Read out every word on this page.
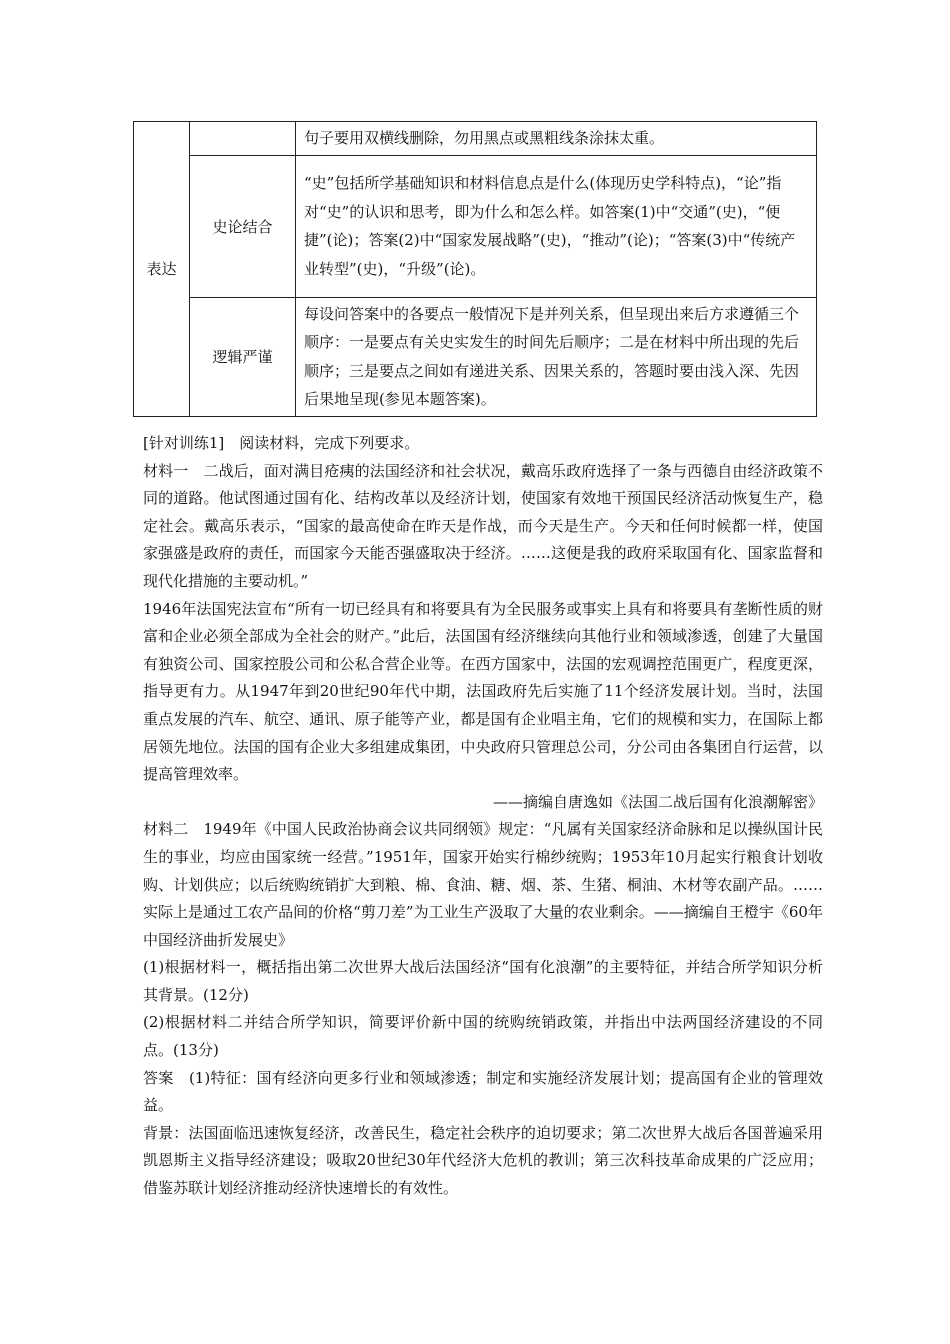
表达		句子要用双横线删除，勿用黑点或黑粗线条涂抹太重。
	史论结合	“史”包括所学基础知识和材料信息点是什么(体现历史学科特点)，“论”指对“史”的认识和思考，即为什么和怎么样。如答案(1)中“交通”(史)，“便捷”(论)；答案(2)中“国家发展战略”(史)，“推动”(论)；“答案(3)中“传统产业转型”(史)，“升级”(论)。
	逻辑严谨	每设问答案中的各要点一般情况下是并列关系，但呈现出来后方求遵循三个顺序：一是要点有关史实发生的时间先后顺序；二是在材料中所出现的先后顺序；三是要点之间如有递进关系、因果关系的，答题时要由浅入深、先因后果地呈现(参见本题答案)。

[针对训练1]　阅读材料，完成下列要求。

材料一　二战后，面对满目疮痍的法国经济和社会状况，戴高乐政府选择了一条与西德自由经济政策不同的道路。他试图通过国有化、结构改革以及经济计划，使国家有效地干预国民经济活动恢复生产，稳定社会。戴高乐表示，“国家的最高使命在昨天是作战，而今天是生产。今天和任何时候都一样，使国家强盛是政府的责任，而国家今天能否强盛取决于经济。……这便是我的政府采取国有化、国家监督和现代化措施的主要动机。”

1946年法国宪法宣布“所有一切已经具有和将要具有为全民服务或事实上具有和将要具有垄断性质的财富和企业必须全部成为全社会的财产。”此后，法国国有经济继续向其他行业和领域渗透，创建了大量国有独资公司、国家控股公司和公私合营企业等。在西方国家中，法国的宏观调控范围更广，程度更深，指导更有力。从1947年到20世纪90年代中期，法国政府先后实施了11个经济发展计划。当时，法国重点发展的汽车、航空、通讯、原子能等产业，都是国有企业唱主角，它们的规模和实力，在国际上都居领先地位。法国的国有企业大多组建成集团，中央政府只管理总公司，分公司由各集团自行运营，以提高管理效率。

——摘编自唐逸如《法国二战后国有化浪潮解密》

材料二　1949年《中国人民政治协商会议共同纲领》规定：“凡属有关国家经济命脉和足以操纵国计民生的事业，均应由国家统一经营。”1951年，国家开始实行棉纱统购；1953年10月起实行粮食计划收购、计划供应；以后统购统销扩大到粮、棉、食油、糖、烟、茶、生猪、桐油、木材等农副产品。……实际上是通过工农产品间的价格“剪刀差”为工业生产汲取了大量的农业剩余。——摘编自王橙宇《60年中国经济曲折发展史》

(1)根据材料一，概括指出第二次世界大战后法国经济“国有化浪潮”的主要特征，并结合所学知识分析其背景。(12分)

(2)根据材料二并结合所学知识，简要评价新中国的统购统销政策，并指出中法两国经济建设的不同点。(13分)

答案　(1)特征：国有经济向更多行业和领域渗透；制定和实施经济发展计划；提高国有企业的管理效益。

背景：法国面临迅速恢复经济，改善民生，稳定社会秩序的迫切要求；第二次世界大战后各国普遍采用凯恩斯主义指导经济建设；吸取20世纪30年代经济大危机的教训；第三次科技革命成果的广泛应用；借鉴苏联计划经济推动经济快速增长的有效性。
